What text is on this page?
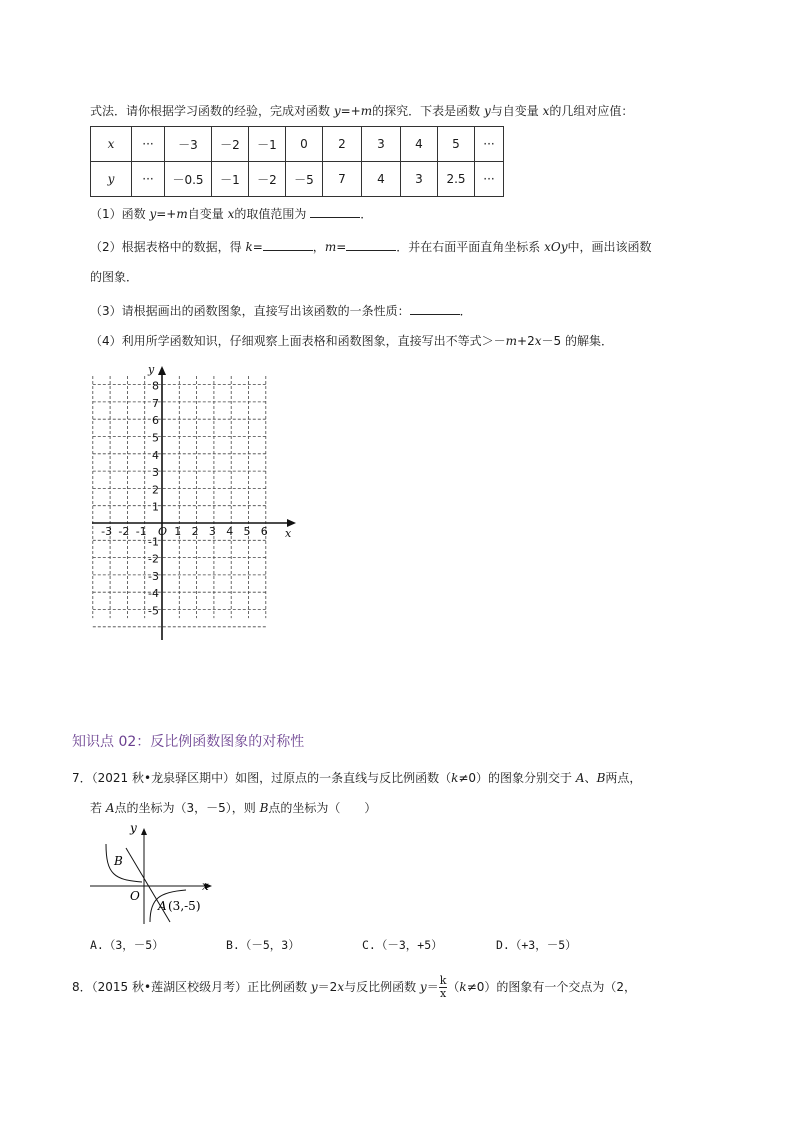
式法．请你根据学习函数的经验，完成对函数 y=+m的探究．下表是函数 y与自变量 x的几组对应值：
x	···	－3	－2	－1	0	2	3	4	5	···
y	···	－0.5	－1	－2	－5	7	4	3	2.5	···
（1）函数 y=+m自变量 x的取值范围为	．
（2）根据表格中的数据，得 k=	，m=	．并在右面平面直角坐标系 xOy中，画出该函数
的图象．
（3）请根据画出的函数图象，直接写出该函数的一条性质：	．
（4）利用所学函数知识，仔细观察上面表格和函数图象，直接写出不等式＞－m+2x－5 的解集．
-3 -2 -1	1 2 3 4 5 6
8
7
6
5
4
3
2
1
-1
-2
-3
-4
-5
O	x
y
知识点 02：反比例函数图象的对称性
7．（2021 秋•龙泉驿区期中）如图，过原点的一条直线与反比例函数（k≠0）的图象分别交于 A、B两点，
若 A点的坐标为（3，－5），则 B点的坐标为（　　）
y
x
B
O
A (3,-5)
A.（3，－5）	B.（－5，3）	C.（－3，+5）	D.（+3，－5）
8．（2015 秋•莲湖区校级月考）正比例函数 y＝2x与反比例函数 $y= \frac{k}{x} (k\ne 0)$的图象有一个交点为（2，
